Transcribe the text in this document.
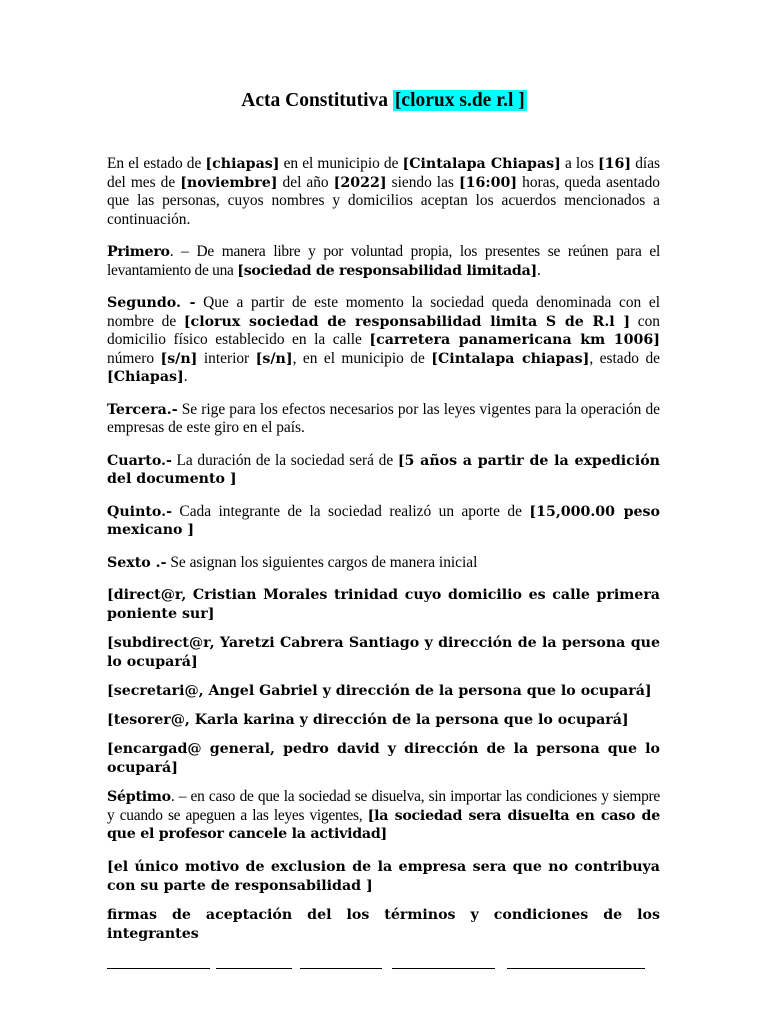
Acta Constitutiva [clorux s.de r.l ]

En el estado de [chiapas] en el municipio de [Cintalapa Chiapas] a los [16] días del mes de [noviembre] del año [2022] siendo las [16:00] horas, queda asentado que las personas, cuyos nombres y domicilios aceptan los acuerdos mencionados a continuación.

Primero. – De manera libre y por voluntad propia, los presentes se reúnen para el levantamiento de una [sociedad de responsabilidad limitada].

Segundo. - Que a partir de este momento la sociedad queda denominada con el nombre de [clorux sociedad de responsabilidad limita S de R.l ] con domicilio físico establecido en la calle [carretera panamericana km 1006] número [s/n] interior [s/n], en el municipio de [Cintalapa chiapas], estado de [Chiapas].

Tercera.- Se rige para los efectos necesarios por las leyes vigentes para la operación de empresas de este giro en el país.

Cuarto.- La duración de la sociedad será de [5 años a partir de la expedición del documento ]

Quinto.- Cada integrante de la sociedad realizó un aporte de [15,000.00 peso mexicano ]

Sexto .- Se asignan los siguientes cargos de manera inicial

[direct@r, Cristian Morales trinidad cuyo domicilio es calle primera poniente sur]

[subdirect@r, Yaretzi Cabrera Santiago y dirección de la persona que lo ocupará]

[secretari@, Angel Gabriel y dirección de la persona que lo ocupará]

[tesorer@, Karla karina y dirección de la persona que lo ocupará]

[encargad@ general, pedro david y dirección de la persona que lo ocupará]

Séptimo. – en caso de que la sociedad se disuelva, sin importar las condiciones y siempre y cuando se apeguen a las leyes vigentes, [la sociedad sera disuelta en caso de que el profesor cancele la actividad]

[el único motivo de exclusion de la empresa sera que no contribuya con su parte de responsabilidad ]

firmas de aceptación del los términos y condiciones de los integrantes
